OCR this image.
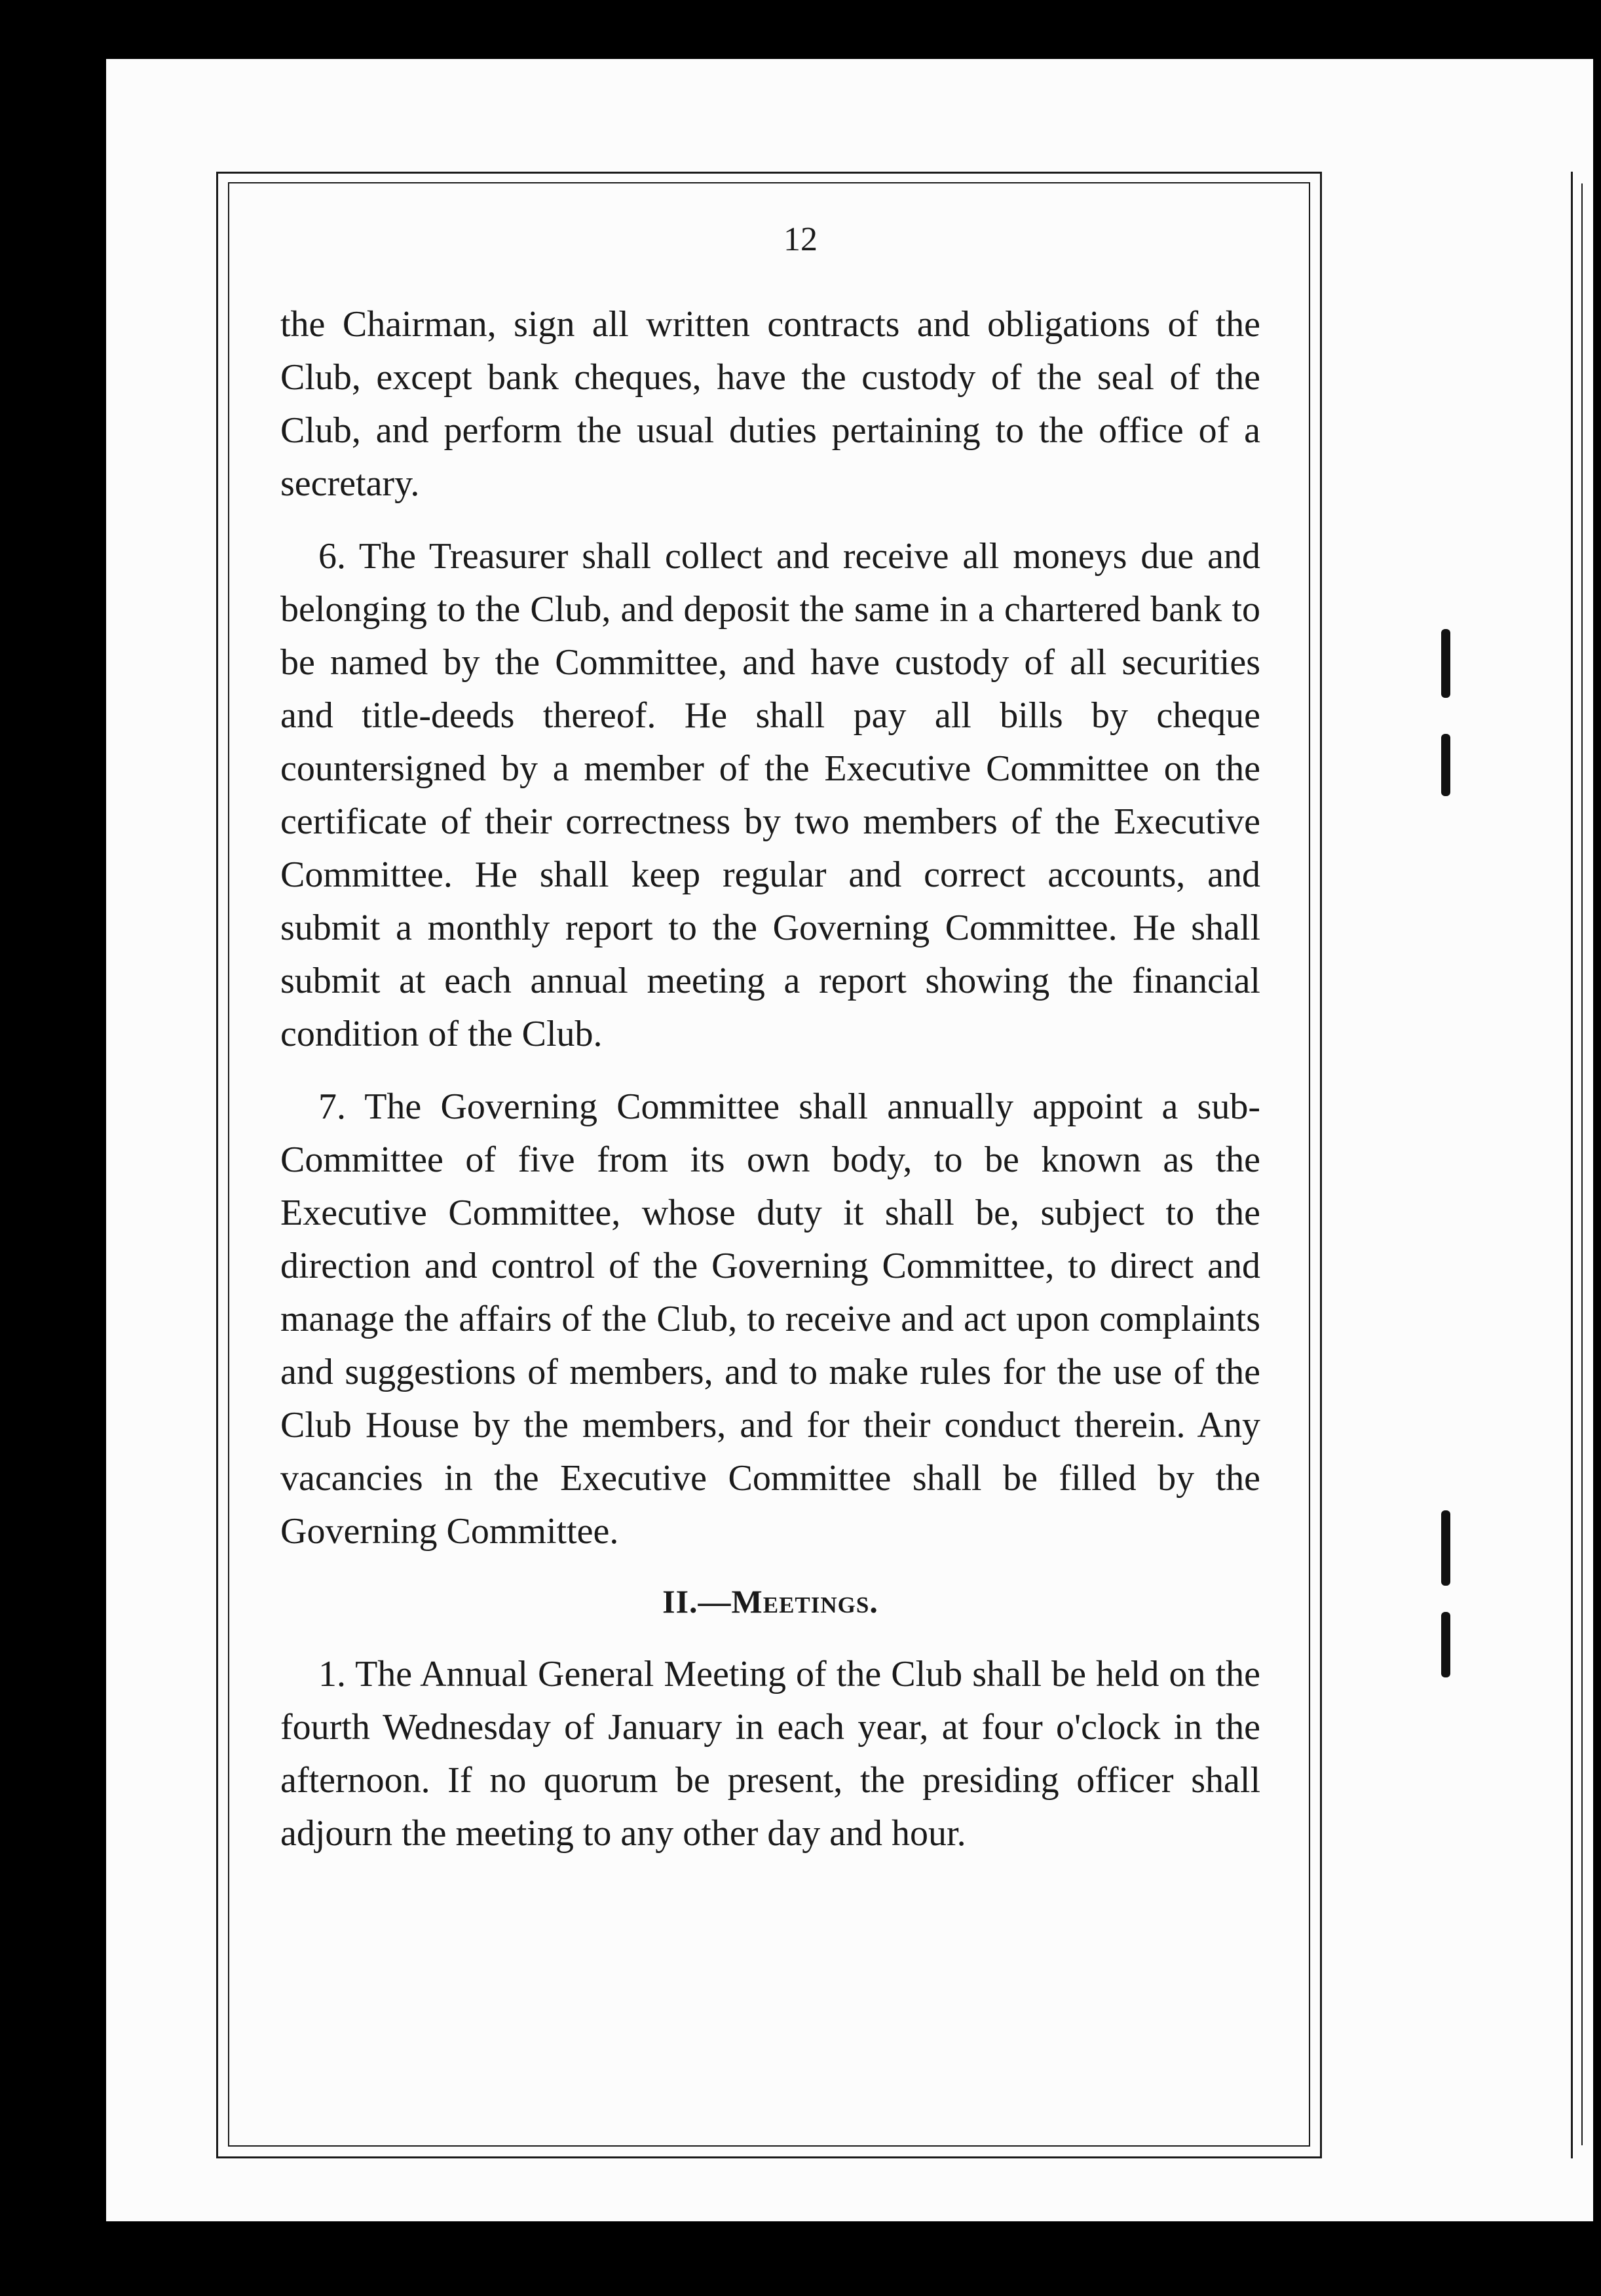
12

the Chairman, sign all written contracts and obligations of the Club, except bank cheques, have the custody of the seal of the Club, and perform the usual duties pertaining to the office of a secretary.

6. The Treasurer shall collect and receive all moneys due and belonging to the Club, and deposit the same in a chartered bank to be named by the Committee, and have custody of all securities and title-deeds thereof. He shall pay all bills by cheque countersigned by a member of the Executive Committee on the certificate of their correctness by two members of the Executive Committee. He shall keep regular and correct accounts, and submit a monthly report to the Governing Committee. He shall submit at each annual meeting a report showing the financial condition of the Club.

7. The Governing Committee shall annually appoint a sub-Committee of five from its own body, to be known as the Executive Committee, whose duty it shall be, subject to the direction and control of the Governing Committee, to direct and manage the affairs of the Club, to receive and act upon complaints and suggestions of members, and to make rules for the use of the Club House by the members, and for their conduct therein. Any vacancies in the Executive Committee shall be filled by the Governing Committee.

II.—Meetings.

1. The Annual General Meeting of the Club shall be held on the fourth Wednesday of January in each year, at four o'clock in the afternoon. If no quorum be present, the presiding officer shall adjourn the meeting to any other day and hour.
